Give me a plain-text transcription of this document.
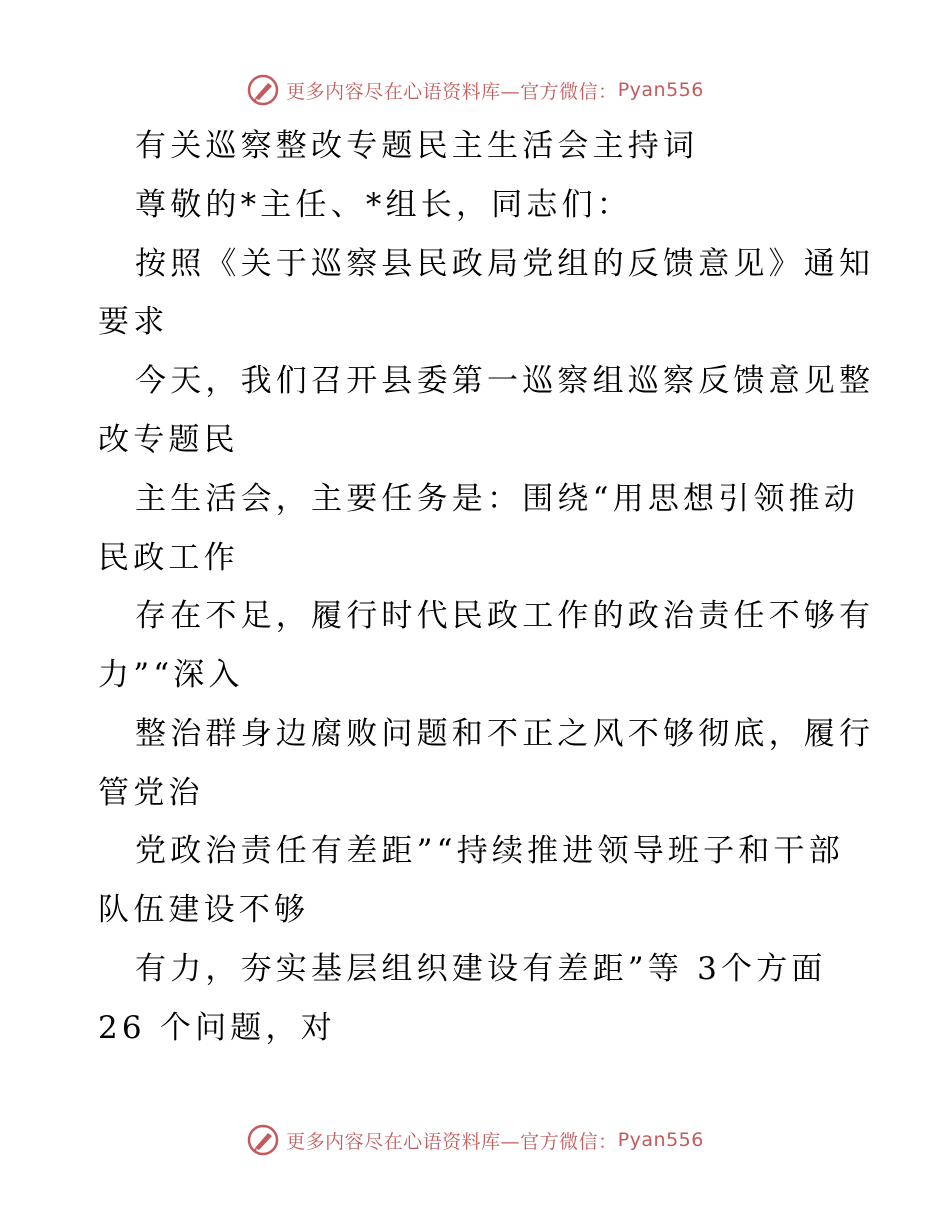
更多内容尽在心语资料库— 官方微信： Pyan556
有关巡察整改专题民主生活会主持词
尊敬的*主任、*组长，同志们：
按照《关于巡察县民政局党组的反馈意见》通知
要求
今天，我们召开县委第一巡察组巡察反馈意见整
改专题民
主生活会，主要任务是：围绕“用思想引领推动
民政工作
存在不足，履行时代民政工作的政治责任不够有
力”“深入
整治群身边腐败问题和不正之风不够彻底，履行
管党治
党政治责任有差距”“持续推进领导班子和干部
队伍建设不够
有力，夯实基层组织建设有差距”等 3个方面
26 个问题，对
更多内容尽在心语资料库— 官方微信： Pyan556
